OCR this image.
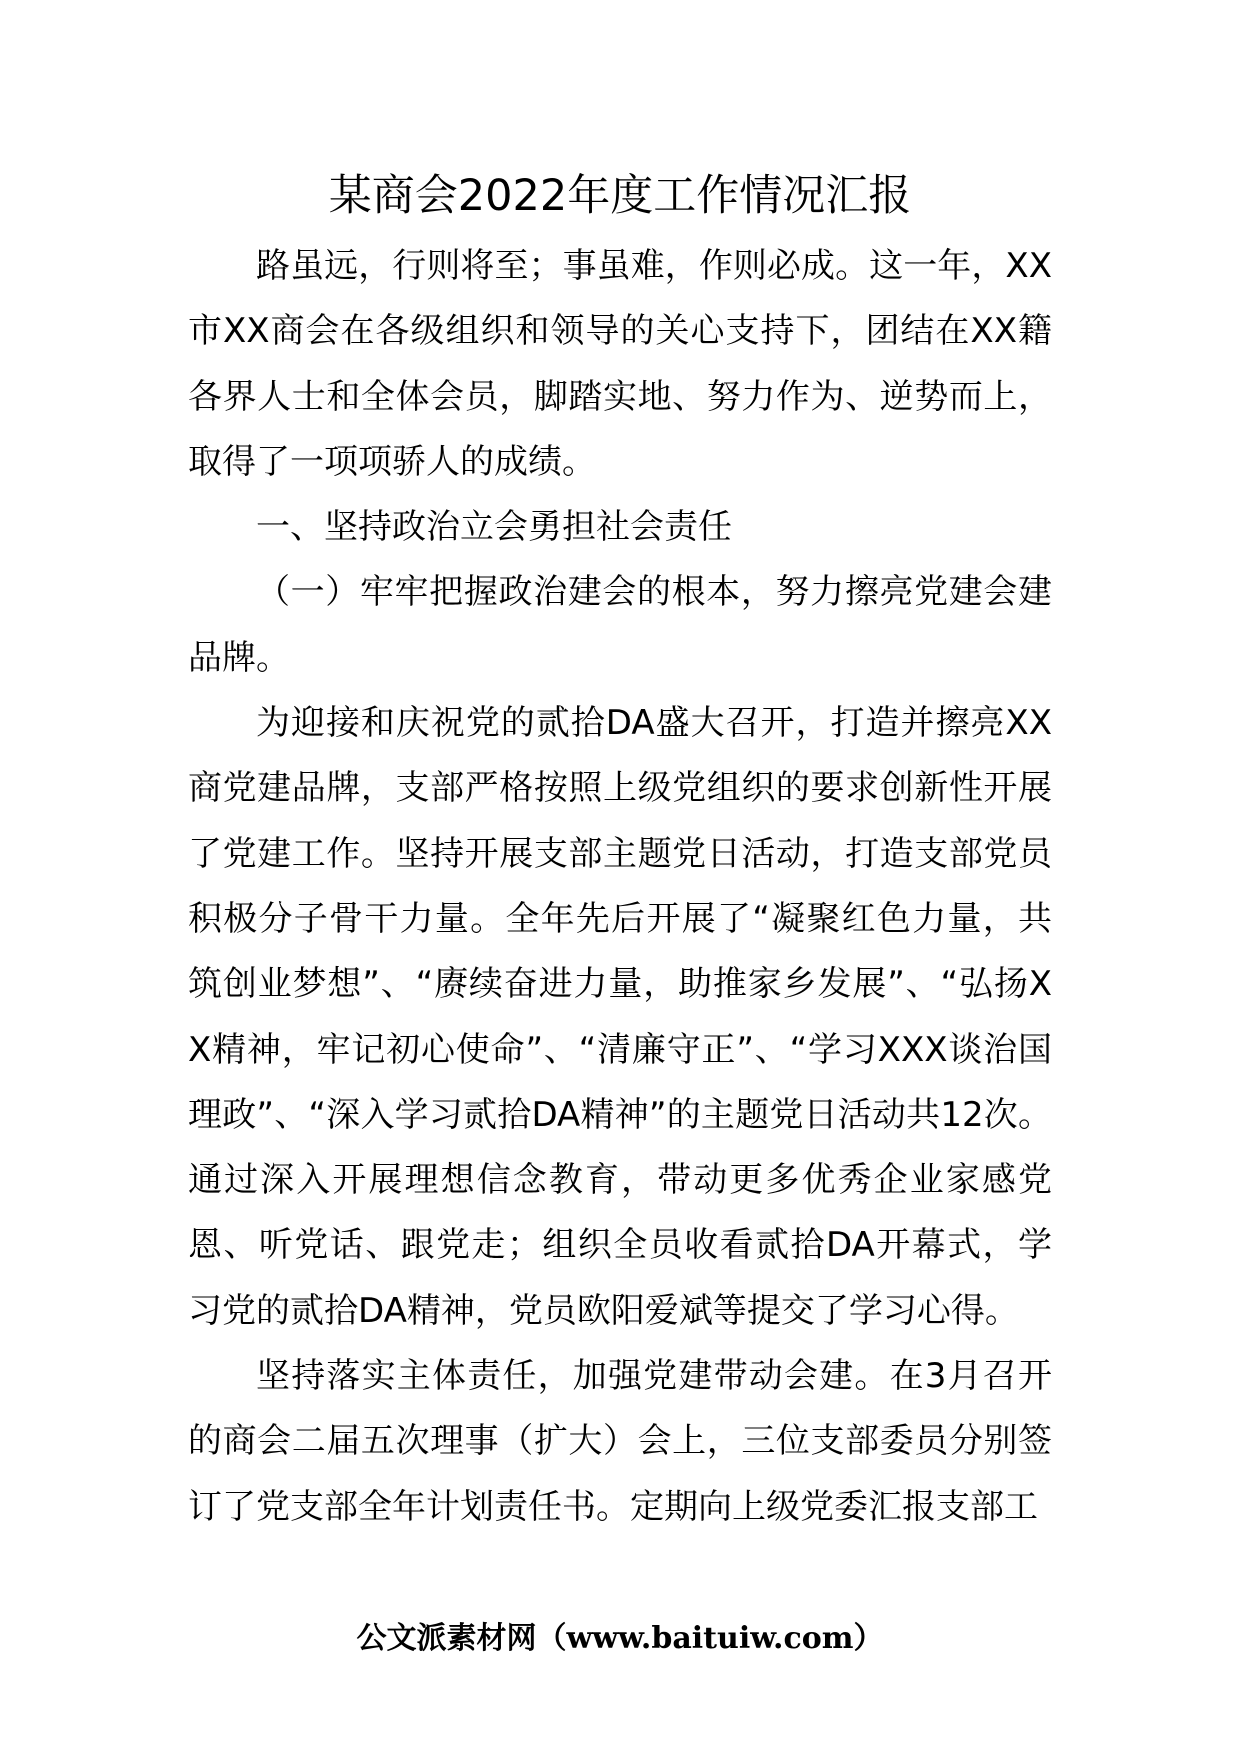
某商会2022年度工作情况汇报

路虽远，行则将至；事虽难，作则必成。这一年，XX市XX商会在各级组织和领导的关心支持下，团结在XX籍各界人士和全体会员，脚踏实地、努力作为、逆势而上，取得了一项项骄人的成绩。

一、坚持政治立会勇担社会责任

（一）牢牢把握政治建会的根本，努力擦亮党建会建品牌。

为迎接和庆祝党的贰拾DA盛大召开，打造并擦亮XX商党建品牌，支部严格按照上级党组织的要求创新性开展了党建工作。坚持开展支部主题党日活动，打造支部党员积极分子骨干力量。全年先后开展了“凝聚红色力量，共筑创业梦想”、“赓续奋进力量，助推家乡发展”、“弘扬XX精神，牢记初心使命”、“清廉守正”、“学习XXX谈治国理政”、“深入学习贰拾DA精神”的主题党日活动共12次。通过深入开展理想信念教育，带动更多优秀企业家感党恩、听党话、跟党走；组织全员收看贰拾DA开幕式，学习党的贰拾DA精神，党员欧阳爱斌等提交了学习心得。

坚持落实主体责任，加强党建带动会建。在3月召开的商会二届五次理事（扩大）会上，三位支部委员分别签订了党支部全年计划责任书。定期向上级党委汇报支部工

公文派素材网（www.baituiw.com）
